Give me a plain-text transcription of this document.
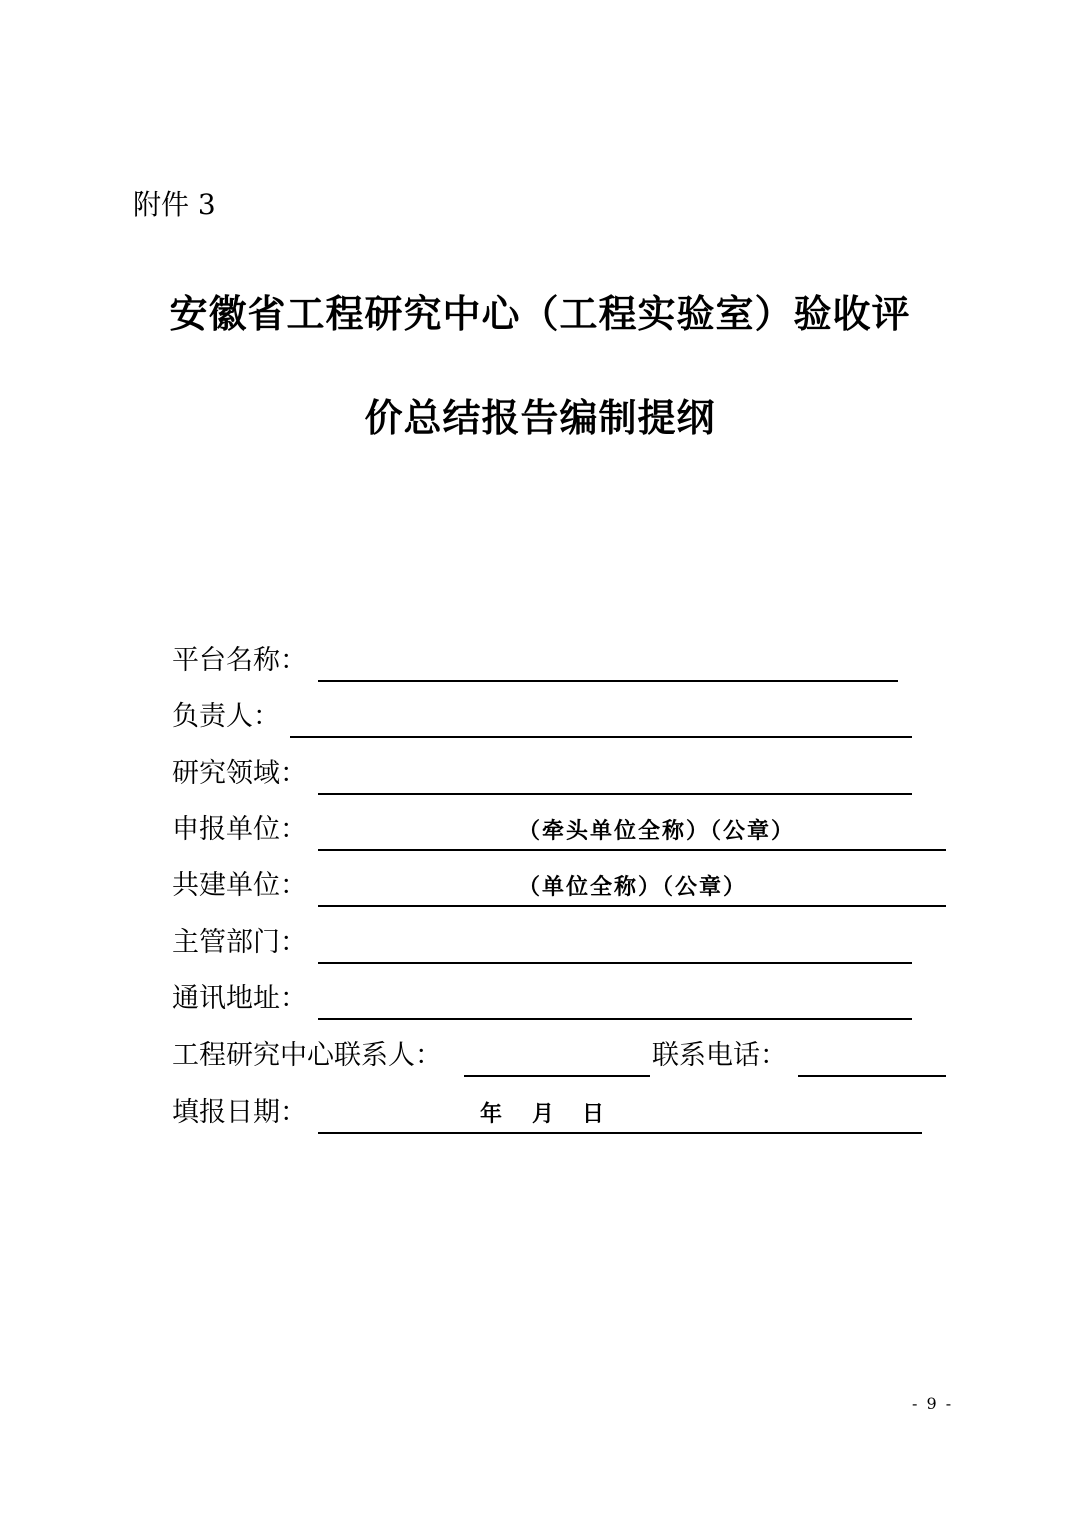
附件 3
安徽省工程研究中心（工程实验室）验收评
价总结报告编制提纲
平台名称：
负责人：
研究领域：
申报单位：	（牵头单位全称）（公章）
共建单位：	（单位全称）（公章）
主管部门：
通讯地址：
工程研究中心联系人：	联系电话：
填报日期：	年 月 日
- 9 -
